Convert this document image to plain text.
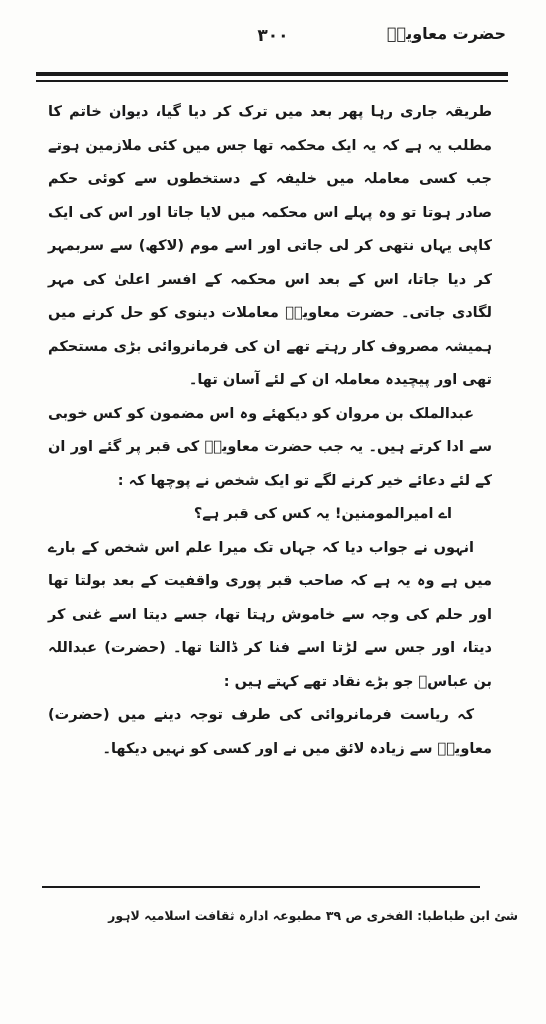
حضرت معاویہؓ
۳۰۰

طریقہ جاری رہا پھر بعد میں ترک کر دیا گیا، دیوان خاتم کا مطلب یہ ہے کہ یہ ایک محکمہ تھا جس میں کئی ملازمین ہوتے جب کسی معاملہ میں خلیفہ کے دستخطوں سے کوئی حکم صادر ہوتا تو وہ پہلے اس محکمہ میں لایا جاتا اور اس کی ایک کاپی یہاں نتھی کر لی جاتی اور اسے موم (لاکھ) سے سربمہر کر دیا جاتا، اس کے بعد اس محکمہ کے افسر اعلیٰ کی مہر لگادی جاتی۔ حضرت معاویہؓ معاملات دینوی کو حل کرنے میں ہمیشہ مصروف کار رہتے تھے ان کی فرمانروائی بڑی مستحکم تھی اور پیچیدہ معاملہ ان کے لئے آسان تھا۔

عبدالملک بن مروان کو دیکھئے وہ اس مضمون کو کس خوبی سے ادا کرتے ہیں۔ یہ جب حضرت معاویہؓ کی قبر پر گئے اور ان کے لئے دعائے خیر کرنے لگے تو ایک شخص نے پوچھا کہ :

اے امیرالمومنین! یہ کس کی قبر ہے؟

انہوں نے جواب دیا کہ جہاں تک میرا علم اس شخص کے بارے میں ہے وہ یہ ہے کہ صاحب قبر پوری واقفیت کے بعد بولتا تھا اور حلم کی وجہ سے خاموش رہتا تھا، جسے دیتا اسے غنی کر دیتا، اور جس سے لڑتا اسے فنا کر ڈالتا تھا۔ (حضرت) عبداللہ بن عباسؓ جو بڑے نقاد تھے کہتے ہیں :

کہ ریاست فرمانروائی کی طرف توجہ دینے میں (حضرت) معاویہؓ سے زیادہ لائق میں نے اور کسی کو نہیں دیکھا۔

شئ ابن طباطبا: الفخری ص ۳۹ مطبوعہ ادارہ ثقافت اسلامیہ لاہور
